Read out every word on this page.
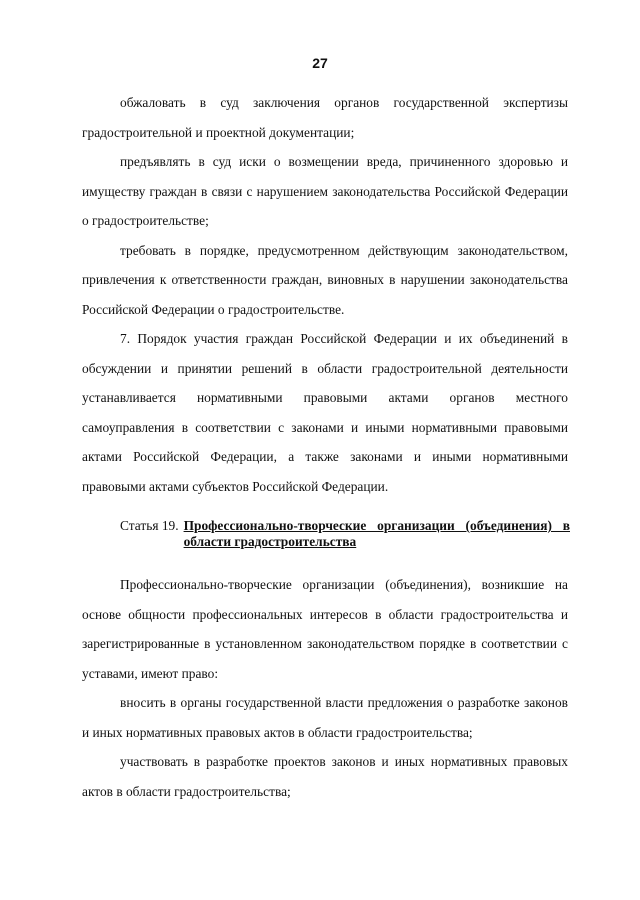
27

обжаловать в суд заключения органов государственной экспертизы градостроительной и проектной документации;

предъявлять в суд иски о возмещении вреда, причиненного здоровью и имуществу граждан в связи с нарушением законодательства Российской Федерации о градостроительстве;

требовать в порядке, предусмотренном действующим законодательством, привлечения к ответственности граждан, виновных в нарушении законодательства Российской Федерации о градостроительстве.

7. Порядок участия граждан Российской Федерации и их объединений в обсуждении и принятии решений в области градостроительной деятельности устанавливается нормативными правовыми актами органов местного самоуправления в соответствии с законами и иными нормативными правовыми актами Российской Федерации, а также законами и иными нормативными правовыми актами субъектов Российской Федерации.

Статья 19. Профессионально-творческие организации (объединения) в области градостроительства

Профессионально-творческие организации (объединения), возникшие на основе общности профессиональных интересов в области градостроительства и зарегистрированные в установленном законодательством порядке в соответствии с уставами, имеют право:

вносить в органы государственной власти предложения о разработке законов и иных нормативных правовых актов в области градостроительства;

участвовать в разработке проектов законов и иных нормативных правовых актов в области градостроительства;
